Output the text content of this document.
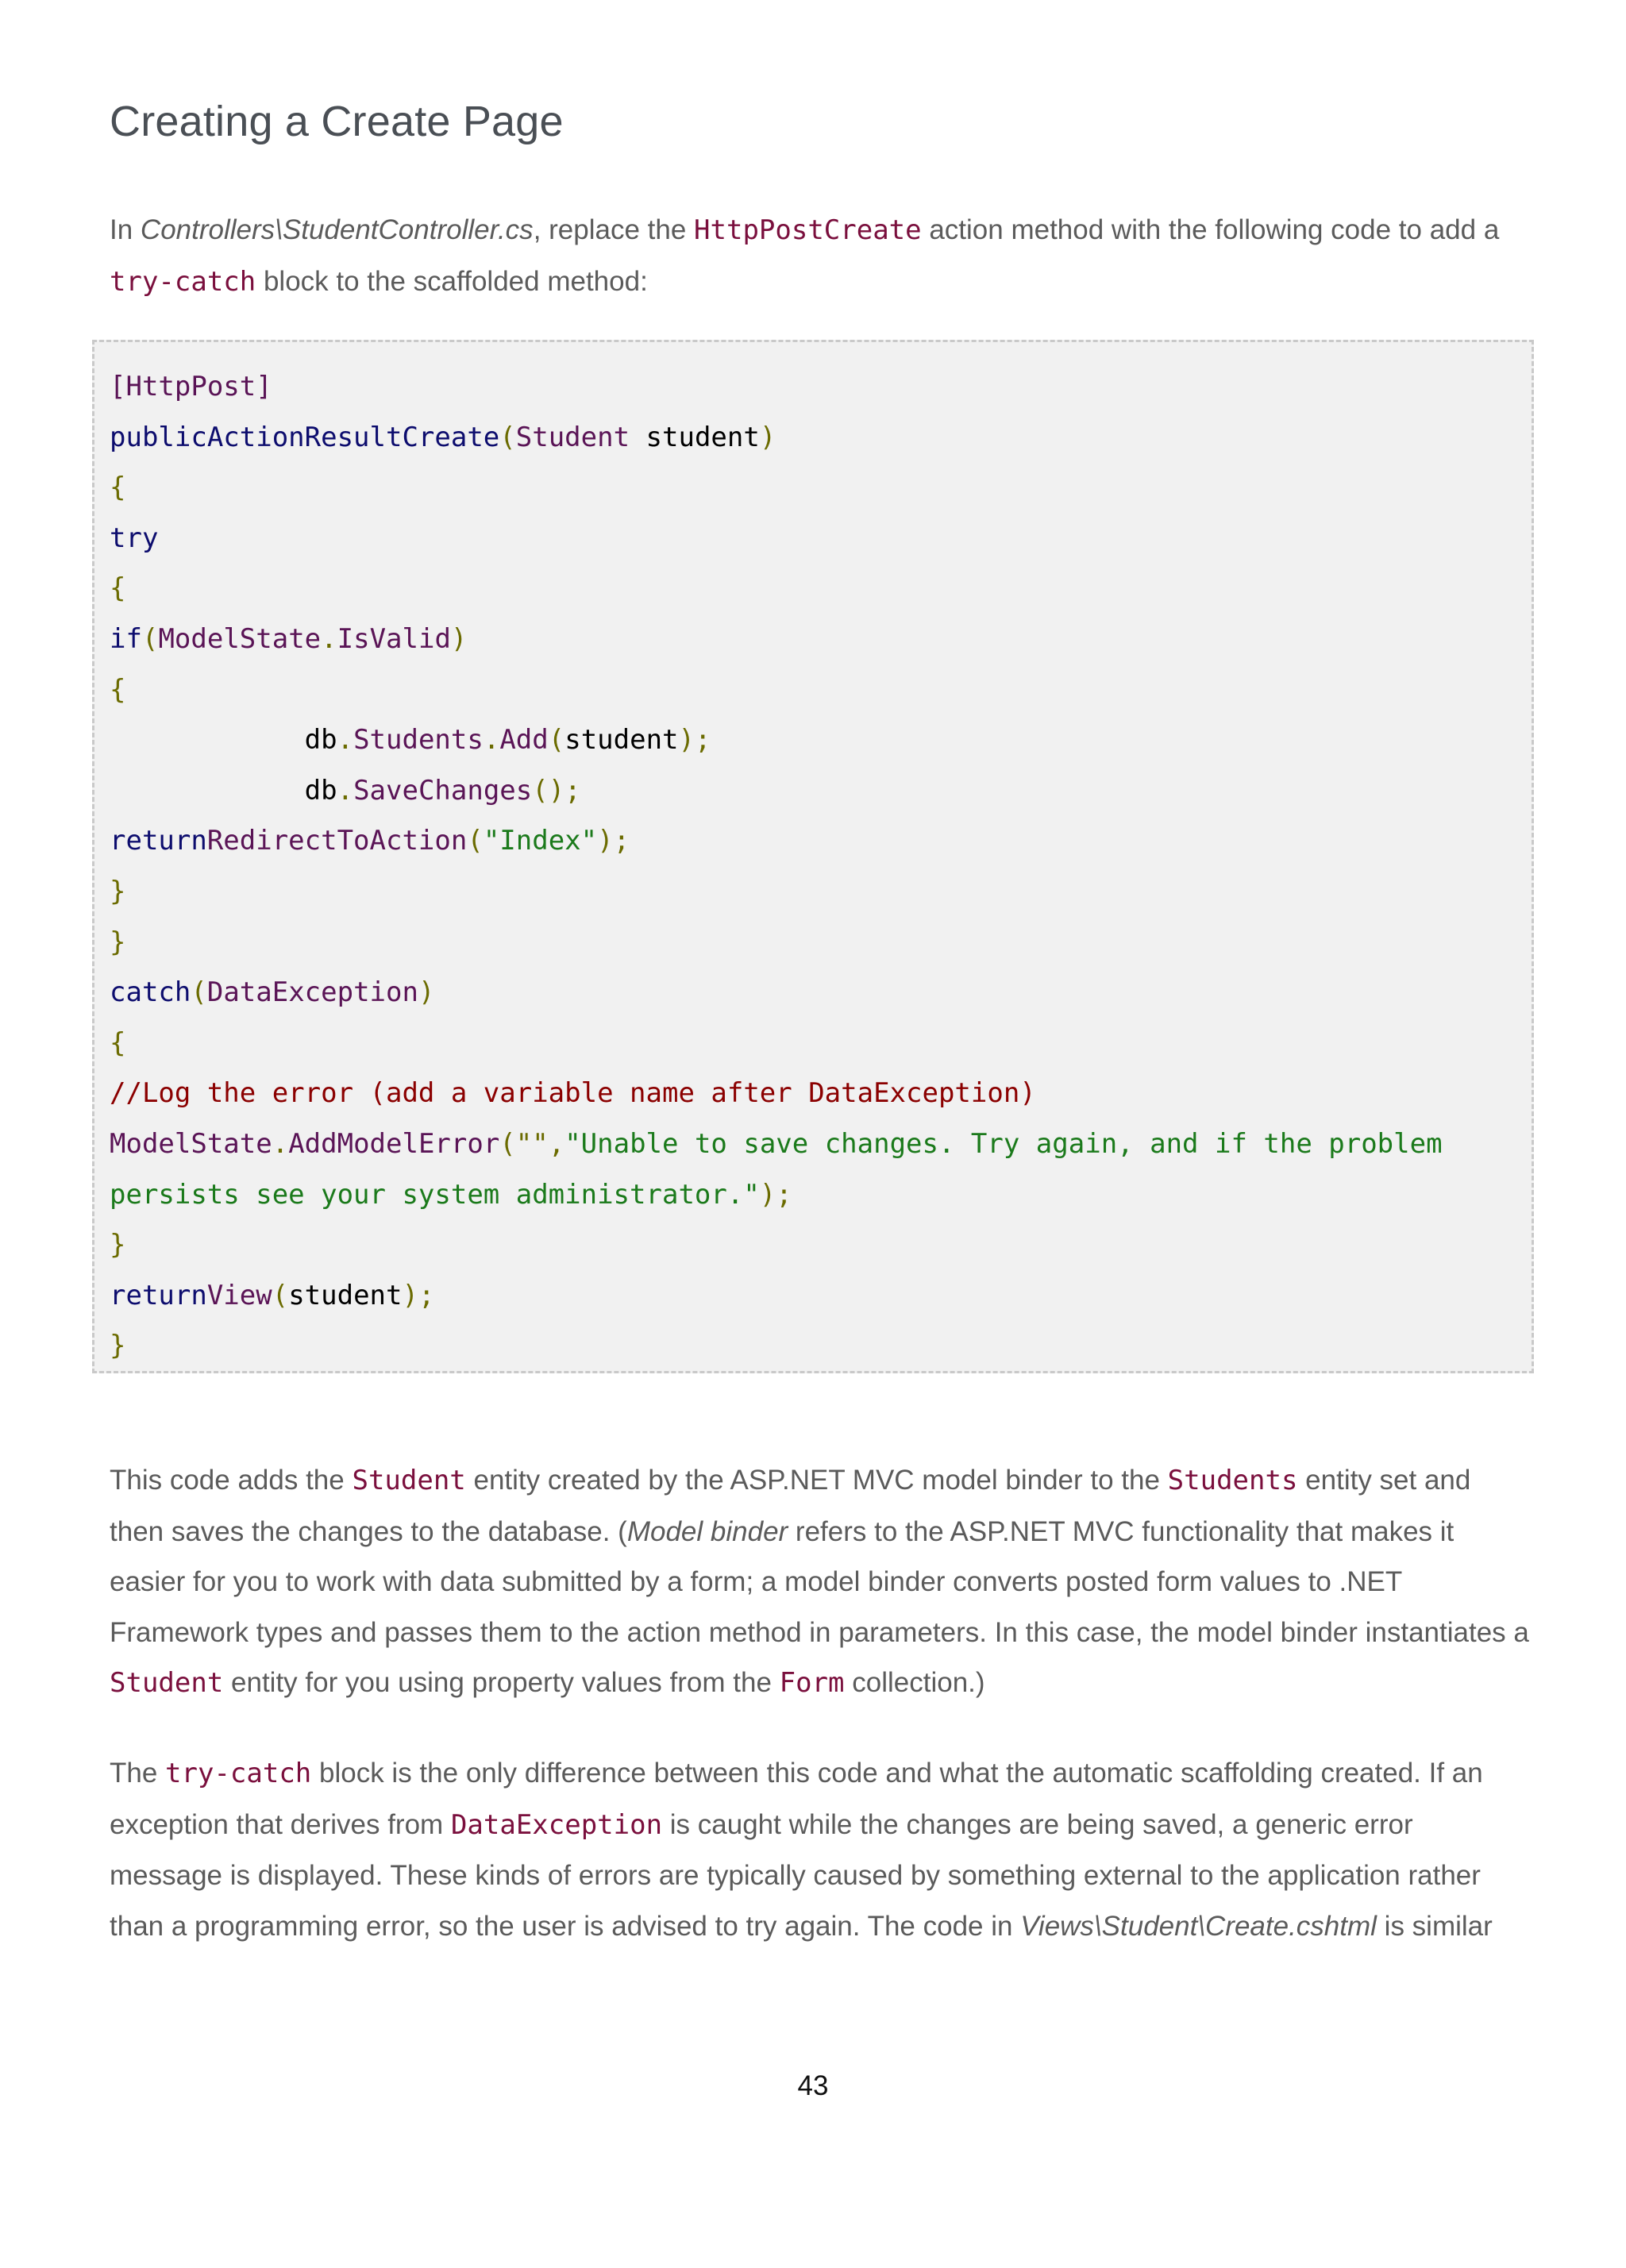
Creating a Create Page

In Controllers\StudentController.cs, replace the HttpPostCreate action method with the following code to add a try-catch block to the scaffolded method:

[HttpPost]
publicActionResultCreate(Student student)
{
try
{
if(ModelState.IsValid)
{
db.Students.Add(student);
db.SaveChanges();
returnRedirectToAction("Index");
}
}
catch(DataException)
{
//Log the error (add a variable name after DataException)
ModelState.AddModelError("","Unable to save changes. Try again, and if the problem
persists see your system administrator.");
}
returnView(student);
}

This code adds the Student entity created by the ASP.NET MVC model binder to the Students entity set and then saves the changes to the database. (Model binder refers to the ASP.NET MVC functionality that makes it easier for you to work with data submitted by a form; a model binder converts posted form values to .NET Framework types and passes them to the action method in parameters. In this case, the model binder instantiates a Student entity for you using property values from the Form collection.)

The try-catch block is the only difference between this code and what the automatic scaffolding created. If an exception that derives from DataException is caught while the changes are being saved, a generic error message is displayed. These kinds of errors are typically caused by something external to the application rather than a programming error, so the user is advised to try again. The code in Views\Student\Create.cshtml is similar

43
